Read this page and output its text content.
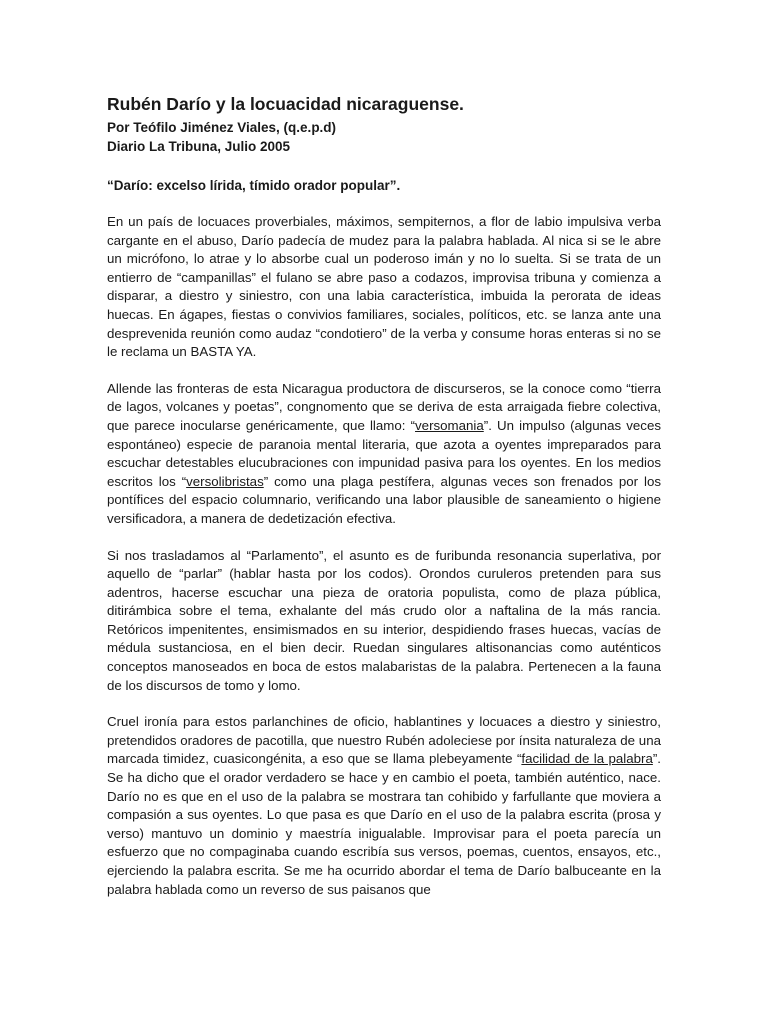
Rubén Darío y la locuacidad nicaraguense.

Por Teófilo Jiménez Viales, (q.e.p.d)

Diario La Tribuna, Julio 2005

“Darío: excelso lírida, tímido orador popular”.

En un país de locuaces proverbiales, máximos, sempiternos, a flor de labio impulsiva verba cargante en el abuso, Darío padecía de mudez para la palabra hablada. Al nica si se le abre un micrófono, lo atrae y lo absorbe cual un poderoso imán y no lo suelta. Si se trata de un entierro de “campanillas” el fulano se abre paso a codazos, improvisa tribuna y comienza a disparar, a diestro y siniestro, con una labia característica, imbuida la perorata de ideas huecas. En ágapes, fiestas o convivios familiares, sociales, políticos, etc. se lanza ante una desprevenida reunión como audaz “condotiero” de la verba y consume horas enteras si no se le reclama un BASTA YA.

Allende las fronteras de esta Nicaragua productora de discurseros, se la conoce como “tierra de lagos, volcanes y poetas”, congnomento que se deriva de esta arraigada fiebre colectiva, que parece inocularse genéricamente, que llamo: “versomania”. Un impulso (algunas veces espontáneo) especie de paranoia mental literaria, que azota a oyentes impreparados para escuchar detestables elucubraciones con impunidad pasiva para los oyentes. En los medios escritos los “versolibristas” como una plaga pestífera, algunas veces son frenados por los pontífices del espacio columnario, verificando una labor plausible de saneamiento o higiene versificadora, a manera de dedetización efectiva.

Si nos trasladamos al “Parlamento”, el asunto es de furibunda resonancia superlativa, por aquello de “parlar” (hablar hasta por los codos). Orondos curuleros pretenden para sus adentros, hacerse escuchar una pieza de oratoria populista, como de plaza pública, ditirámbica sobre el tema, exhalante del más crudo olor a naftalina de la más rancia. Retóricos impenitentes, ensimismados en su interior, despidiendo frases huecas, vacías de médula sustanciosa, en el bien decir. Ruedan singulares altisonancias como auténticos conceptos manoseados en boca de estos malabaristas de la palabra. Pertenecen a la fauna de los discursos de tomo y lomo.

Cruel ironía para estos parlanchines de oficio, hablantines y locuaces a diestro y siniestro, pretendidos oradores de pacotilla, que nuestro Rubén adoleciese por ínsita naturaleza de una marcada timidez, cuasicongénita, a eso que se llama plebeyamente “facilidad de la palabra”. Se ha dicho que el orador verdadero se hace y en cambio el poeta, también auténtico, nace. Darío no es que en el uso de la palabra se mostrara tan cohibido y farfullante que moviera a compasión a sus oyentes. Lo que pasa es que Darío en el uso de la palabra escrita (prosa y verso) mantuvo un dominio y maestría inigualable. Improvisar para el poeta parecía un esfuerzo que no compaginaba cuando escribía sus versos, poemas, cuentos, ensayos, etc., ejerciendo la palabra escrita. Se me ha ocurrido abordar el tema de Darío balbuceante en la palabra hablada como un reverso de sus paisanos que
